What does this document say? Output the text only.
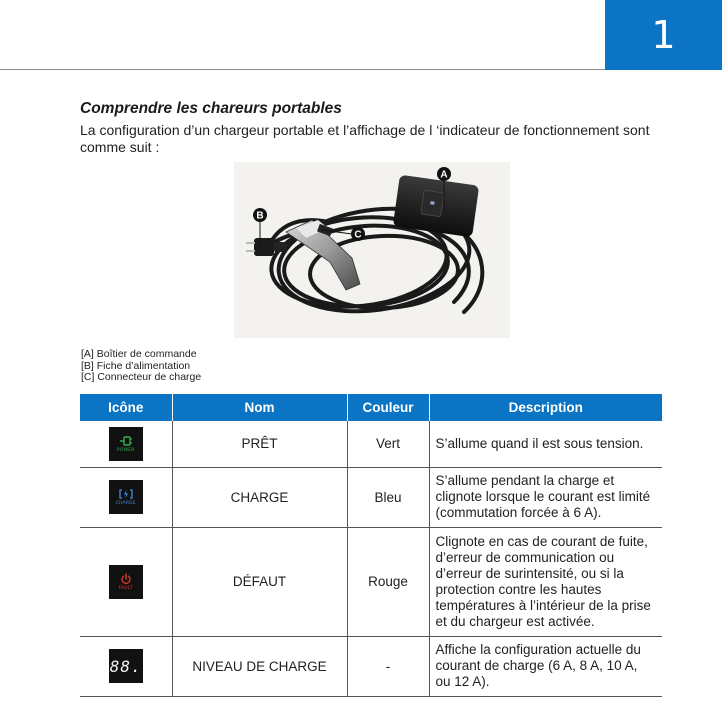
1
Comprendre les chareurs portables
La configuration d’un chargeur portable et l’affichage de l ‘indicateur de fonctionnement sont comme suit :
A
B
C
[A] Boîtier de commande
[B] Fiche d’alimentation
[C] Connecteur de charge
Icône	Nom	Couleur	Description

POWER	PRÊT	Vert	S’allume quand il est sous tension.

CHARGE	CHARGE	Bleu	S’allume pendant la charge et clignote lorsque le courant est limité (commutation forcée à 6 A).

FAULT	DÉFAUT	Rouge	Clignote en cas de courant de fuite, d’erreur de communication ou d’erreur de surintensité, ou si la protection contre les hautes températures à l’intérieur de la prise et du chargeur est activée.

88.	NIVEAU DE CHARGE	-	Affiche la configuration actuelle du courant de charge (6 A, 8 A, 10 A, ou 12 A).
